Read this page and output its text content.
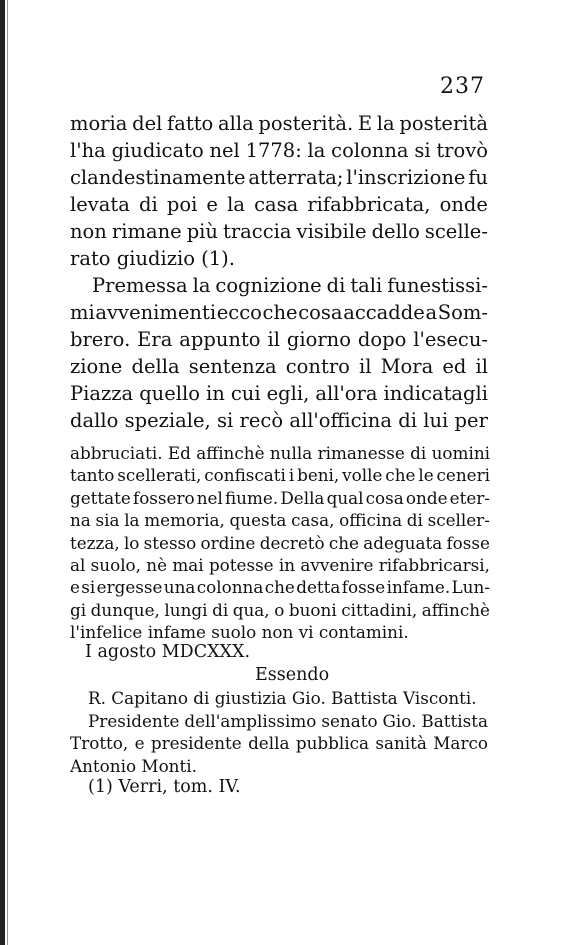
237
moria del fatto alla posterità. E la posterità
l'ha giudicato nel 1778: la colonna si trovò
clandestinamente atterrata; l'inscrizione fu
levata di poi e la casa rifabbricata, onde
non rimane più traccia visibile dello scelle-
rato giudizio (1).
Premessa la cognizione di tali funestissi-
mi avvenimenti ecco che cosa accadde a Som-
brero. Era appunto il giorno dopo l'esecu-
zione della sentenza contro il Mora ed il
Piazza quello in cui egli, all'ora indicatagli
dallo speziale, si recò all'officina di lui per
abbruciati. Ed affinchè nulla rimanesse di uomini
tanto scellerati, confiscati i beni, volle che le ceneri
gettate fossero nel fiume. Della qual cosa onde eter-
na sia la memoria, questa casa, officina di sceller-
tezza, lo stesso ordine decretò che adeguata fosse
al suolo, nè mai potesse in avvenire rifabbricarsi,
e si ergesse una colonna che detta fosse infame. Lun-
gi dunque, lungi di qua, o buoni cittadini, affinchè
l'infelice infame suolo non vi contamini.
I agosto MDCXXX.
Essendo
R. Capitano di giustizia Gio. Battista Visconti.
Presidente dell'amplissimo senato Gio. Battista
Trotto, e presidente della pubblica sanità Marco
Antonio Monti.
(1) Verri, tom. IV.
